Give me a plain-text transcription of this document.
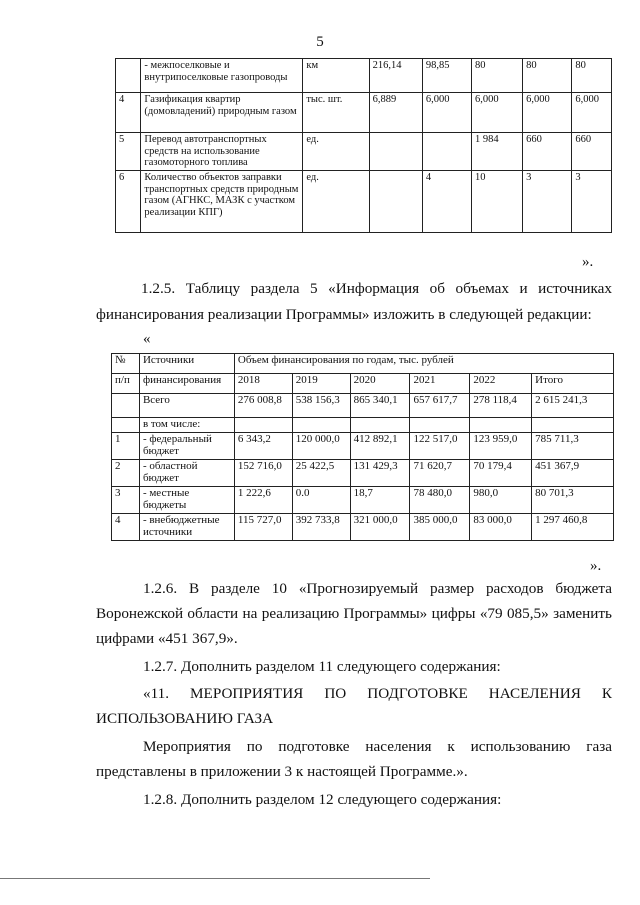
5
	- межпоселковые и внутрипоселковые газопроводы	км	216,14	98,85	80	80	80
4	Газификация квартир (домовладений) природным газом	тыс. шт.	6,889	6,000	6,000	6,000	6,000
5	Перевод автотранспортных средств на использование газомоторного топлива	ед.			1 984	660	660
6	Количество объектов заправки транспортных средств природным газом (АГНКС, МАЗК с участком реализации КПГ)	ед.		4	10	3	3
».
1.2.5. Таблицу раздела 5 «Информация об объемах и источниках финансирования реализации Программы» изложить в следующей редакции:
«
№	Источники	Объем финансирования по годам, тыс. рублей					
п/п	финансирования	2018	2019	2020	2021	2022	Итого
	Всего	276 008,8	538 156,3	865 340,1	657 617,7	278 118,4	2 615 241,3
	в том числе:						
1	- федеральный бюджет	6 343,2	120 000,0	412 892,1	122 517,0	123 959,0	785 711,3
2	- областной бюджет	152 716,0	25 422,5	131 429,3	71 620,7	70 179,4	451 367,9
3	- местные бюджеты	1 222,6	0.0	18,7	78 480,0	980,0	80 701,3
4	- внебюджетные источники	115 727,0	392 733,8	321 000,0	385 000,0	83 000,0	1 297 460,8
».
1.2.6. В разделе 10 «Прогнозируемый размер расходов бюджета
Воронежской области на реализацию Программы» цифры «79 085,5» заменить
цифрами «451 367,9».
1.2.7. Дополнить разделом 11 следующего содержания:
«11. МЕРОПРИЯТИЯ ПО ПОДГОТОВКЕ НАСЕЛЕНИЯ К
ИСПОЛЬЗОВАНИЮ ГАЗА
Мероприятия по подготовке населения к использованию газа
представлены в приложении 3 к настоящей Программе.».
1.2.8. Дополнить разделом 12 следующего содержания:
